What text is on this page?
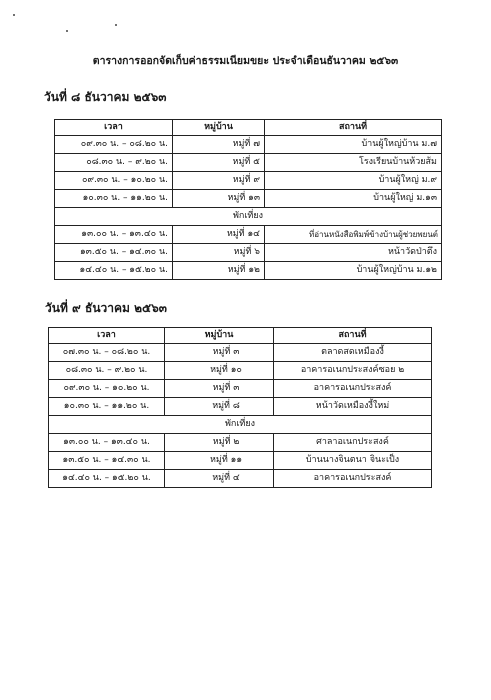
ตารางการออกจัดเก็บค่าธรรมเนียมขยะ ประจำเดือนธันวาคม ๒๕๖๓
วันที่ ๘ ธันวาคม ๒๕๖๓
เวลา	หมู่บ้าน	สถานที่
๐๙.๓๐ น. – ๐๘.๒๐ น.	หมู่ที่ ๗	บ้านผู้ใหญ่บ้าน ม.๗
๐๘.๓๐ น. – ๙.๒๐ น.	หมู่ที่ ๕	โรงเรียนบ้านห้วยส้ม
๐๙.๓๐ น. – ๑๐.๒๐ น.	หมู่ที่ ๙	บ้านผู้ใหญ่ ม.๙
๑๐.๓๐ น. – ๑๑.๒๐ น.	หมู่ที่ ๑๓	บ้านผู้ใหญ่ ม.๑๓
พักเที่ยง		
๑๓.๐๐ น. – ๑๓.๔๐ น.	หมู่ที่ ๑๔	ที่อ่านหนังสือพิมพ์ข้างบ้านผู้ช่วยพยนต์
๑๓.๕๐ น. – ๑๔.๓๐ น.	หมู่ที่ ๖	หน้าวัดป่าตึง
๑๔.๔๐ น. – ๑๕.๒๐ น.	หมู่ที่ ๑๒	บ้านผู้ใหญ่บ้าน ม.๑๒
วันที่ ๙ ธันวาคม ๒๕๖๓
เวลา	หมู่บ้าน	สถานที่
๐๗.๓๐ น. – ๐๘.๒๐ น.	หมู่ที่ ๓	ตลาดสดเหมืองงี้
๐๘.๓๐ น. – ๙.๒๐ น.	หมู่ที่ ๑๐	อาคารอเนกประสงค์ซอย ๒
๐๙.๓๐ น. – ๑๐.๒๐ น.	หมู่ที่ ๓	อาคารอเนกประสงค์
๑๐.๓๐ น. – ๑๑.๒๐ น.	หมู่ที่ ๘	หน้าวัดเหมืองงี้ใหม่
พักเที่ยง		
๑๓.๐๐ น. – ๑๓.๔๐ น.	หมู่ที่ ๒	ศาลาอเนกประสงค์
๑๓.๕๐ น. – ๑๔.๓๐ น.	หมู่ที่ ๑๑	บ้านนางจินตนา จินะเป็ง
๑๔.๔๐ น. – ๑๕.๒๐ น.	หมู่ที่ ๔	อาคารอเนกประสงค์
